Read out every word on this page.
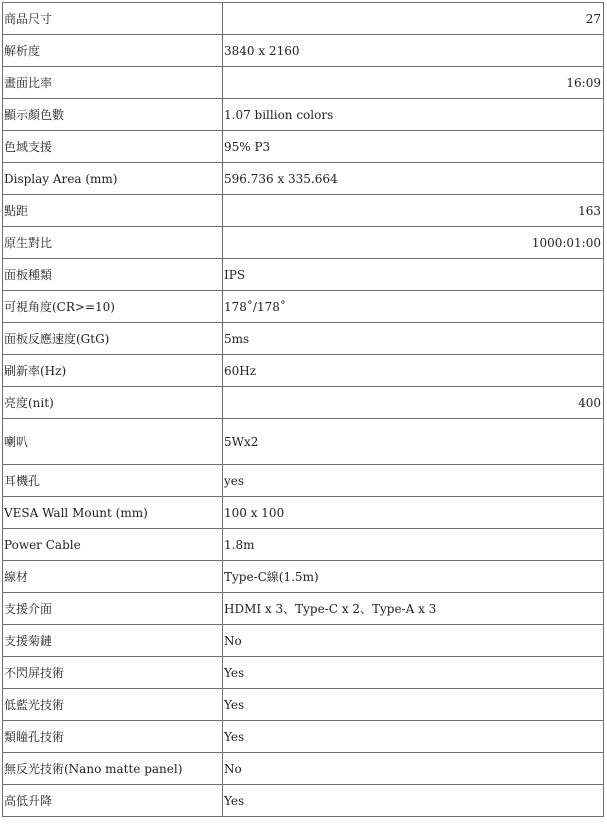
商品尺寸	27
解析度	3840 x 2160
畫面比率	16:09
顯示顏色數	1.07 billion colors
色域支援	95% P3
Display Area (mm)	596.736 x 335.664
點距	163
原生對比	1000:01:00
面板種類	IPS
可視角度(CR>=10)	178˚/178˚
面板反應速度(GtG)	5ms
刷新率(Hz)	60Hz
亮度(nit)	400
喇叭	5Wx2
耳機孔	yes
VESA Wall Mount (mm)	100 x 100
Power Cable	1.8m
線材	Type-C線(1.5m)
支援介面	HDMI x 3、Type-C x 2、Type-A x 3
支援菊鏈	No
不閃屏技術	Yes
低藍光技術	Yes
類瞳孔技術	Yes
無反光技術(Nano matte panel)	No
高低升降	Yes
